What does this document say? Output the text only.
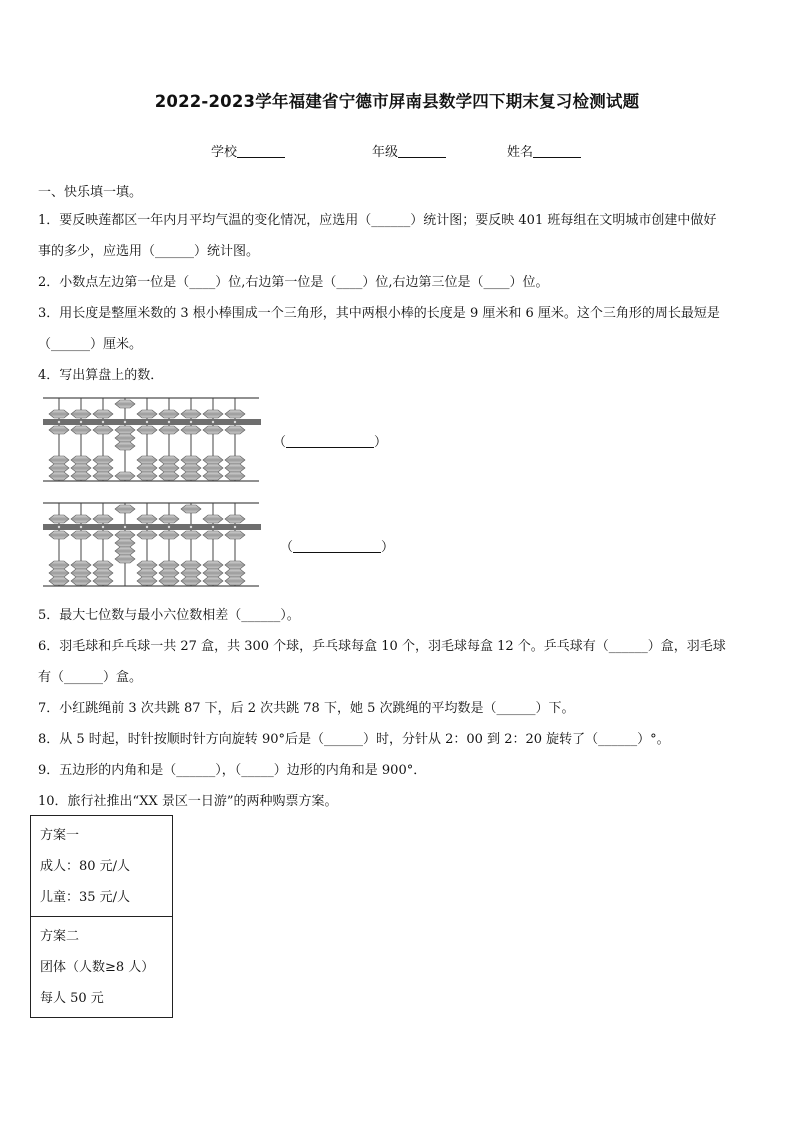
2022-2023学年福建省宁德市屏南县数学四下期末复习检测试题
学校	年级	姓名
一、快乐填一填。
1．要反映莲都区一年内月平均气温的变化情况，应选用（______）统计图；要反映 401 班每组在文明城市创建中做好
事的多少，应选用（______）统计图。
2．小数点左边第一位是（____）位,右边第一位是（____）位,右边第三位是（____）位。
3．用长度是整厘米数的 3 根小棒围成一个三角形，其中两根小棒的长度是 9 厘米和 6 厘米。这个三角形的周长最短是
（______）厘米。
4．写出算盘上的数．
（	）
（	）
5．最大七位数与最小六位数相差（______）。
6．羽毛球和乒乓球一共 27 盒，共 300 个球，乒乓球每盒 10 个，羽毛球每盒 12 个。乒乓球有（______）盒，羽毛球
有（______）盒。
7．小红跳绳前 3 次共跳 87 下，后 2 次共跳 78 下，她 5 次跳绳的平均数是（______）下。
8．从 5 时起，时针按顺时针方向旋转 90°后是（______）时，分针从 2：00 到 2：20 旋转了（______）°。
9．五边形的内角和是（______），（_____）边形的内角和是 900°．
10．旅行社推出“XX 景区一日游”的两种购票方案。
方案一
成人：80 元/人
儿童：35 元/人
方案二
团体（人数≥8 人）
每人 50 元
